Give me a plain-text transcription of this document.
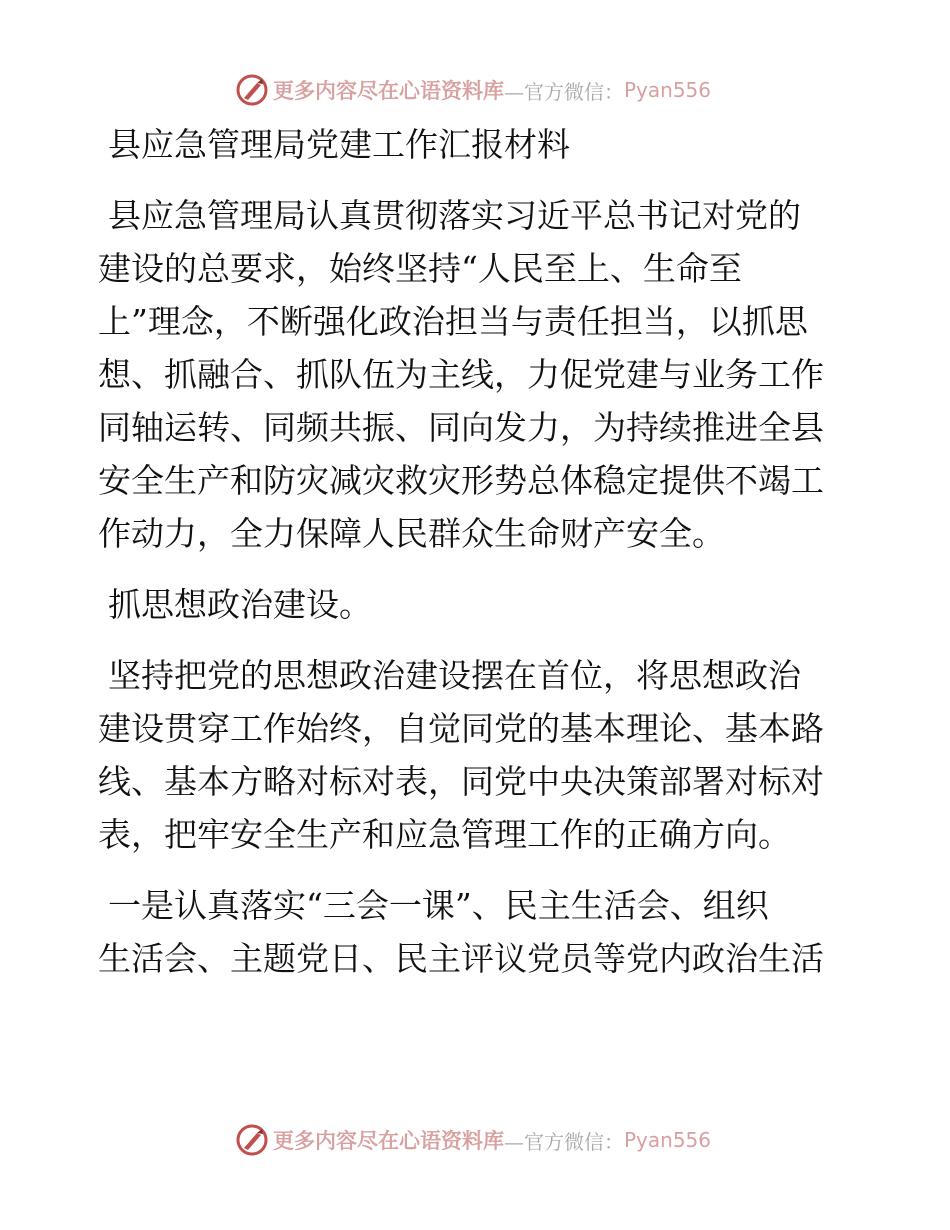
更多内容尽在心语资料库 —官方微信： Pyan556
县应急管理局党建工作汇报材料
县应急管理局认真贯彻落实习近平总书记对党的
建设的总要求，始终坚持“人民至上、生命至
上”理念，不断强化政治担当与责任担当，以抓思
想、抓融合、抓队伍为主线，力促党建与业务工作
同轴运转、同频共振、同向发力，为持续推进全县
安全生产和防灾减灾救灾形势总体稳定提供不竭工
作动力，全力保障人民群众生命财产安全。
抓思想政治建设。
坚持把党的思想政治建设摆在首位，将思想政治
建设贯穿工作始终，自觉同党的基本理论、基本路
线、基本方略对标对表，同党中央决策部署对标对
表，把牢安全生产和应急管理工作的正确方向。
一是认真落实“三会一课”、民主生活会、组织
生活会、主题党日、民主评议党员等党内政治生活
更多内容尽在心语资料库 —官方微信： Pyan556
